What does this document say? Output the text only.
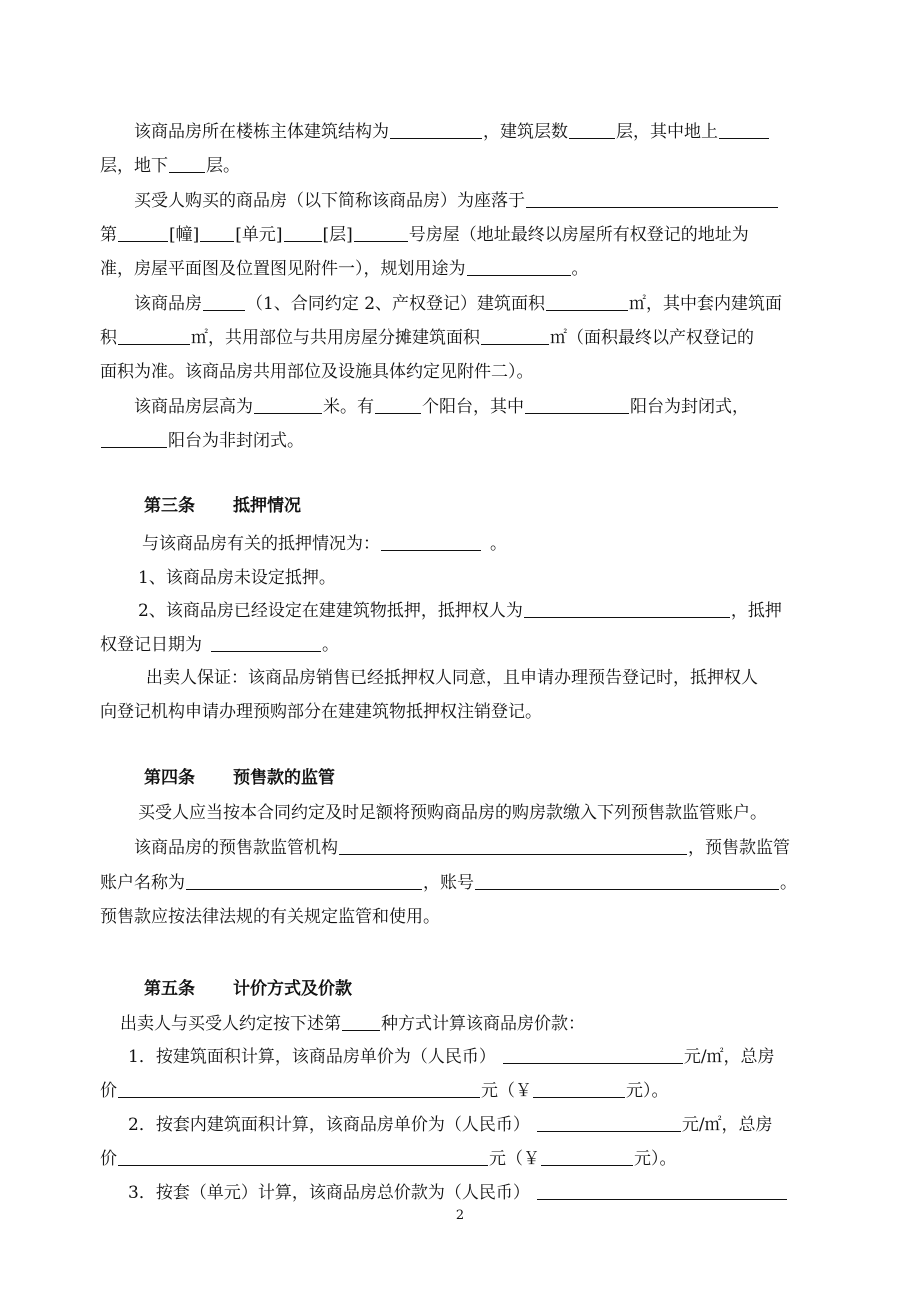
该商品房所在楼栋主体建筑结构为	，建筑层数	层，其中地上
层，地下 层。
买受人购买的商品房（以下简称该商品房）为座落于
第	[幢] [单元] [层]	号房屋（地址最终以房屋所有权登记的地址为
准，房屋平面图及位置图见附件一），规划用途为	。
该商品房	（1、合同约定 2、产权登记）建筑面积	㎡，其中套内建筑面
积	㎡，共用部位与共用房屋分摊建筑面积	㎡（面积最终以产权登记的
面积为准。该商品房共用部位及设施具体约定见附件二）。
该商品房层高为	米。有	个阳台，其中	阳台为封闭式，
阳台为非封闭式。
第三条 抵押情况
与该商品房有关的抵押情况为：	。
1、该商品房未设定抵押。
2、该商品房已经设定在建建筑物抵押，抵押权人为	，抵押
权登记日期为	。
出卖人保证：该商品房销售已经抵押权人同意，且申请办理预告登记时，抵押权人
向登记机构申请办理预购部分在建建筑物抵押权注销登记。
第四条 预售款的监管
买受人应当按本合同约定及时足额将预购商品房的购房款缴入下列预售款监管账户。
该商品房的预售款监管机构	，预售款监管
账户名称为	，账号	。
预售款应按法律法规的有关规定监管和使用。
第五条 计价方式及价款
出卖人与买受人约定按下述第 种方式计算该商品房价款：
1．按建筑面积计算，该商品房单价为（人民币）	元/㎡，总房
价	元（￥	元）。
2．按套内建筑面积计算，该商品房单价为（人民币）	元/㎡，总房
价	元（￥	元）。
3．按套（单元）计算，该商品房总价款为（人民币）
2
